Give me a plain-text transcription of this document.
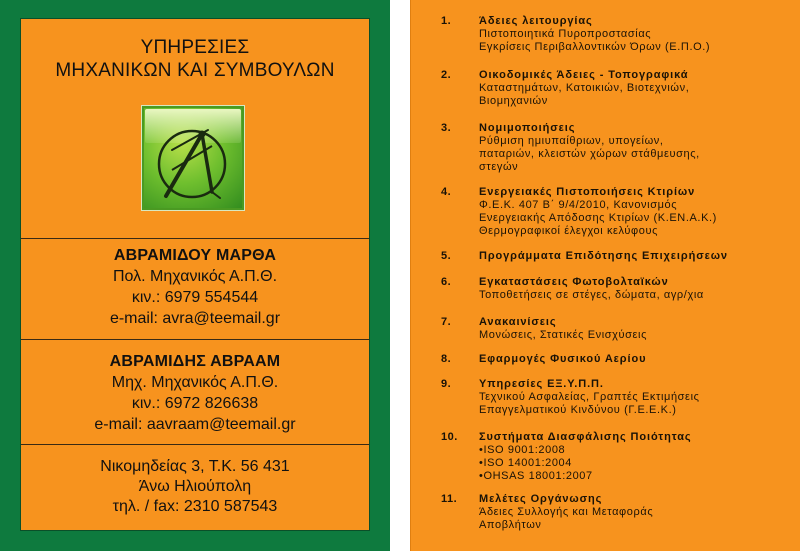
ΥΠΗΡΕΣΙΕΣ
ΜΗΧΑΝΙΚΩΝ ΚΑΙ ΣΥΜΒΟΥΛΩΝ
ΑΒΡΑΜΙΔΟΥ ΜΑΡΘΑ
Πολ. Μηχανικός Α.Π.Θ.
κιν.: 6979 554544
e-mail: avra@teemail.gr
ΑΒΡΑΜΙΔΗΣ ΑΒΡΑΑΜ
Μηχ. Μηχανικός Α.Π.Θ.
κιν.: 6972 826638
e-mail: aavraam@teemail.gr
Νικομηδείας 3, Τ.Κ. 56 431
Άνω Ηλιούπολη
τηλ. / fax: 2310 587543
1.	Άδειες λειτουργίας
Πιστοποιητικά Πυροπροστασίας
Εγκρίσεις Περιβαλλοντικών Όρων (Ε.Π.Ο.)
2.	Οικοδομικές Άδειες - Τοπογραφικά
Καταστημάτων, Κατοικιών, Βιοτεχνιών,
Βιομηχανιών
3.	Νομιμοποιήσεις
Ρύθμιση ημιυπαίθριων, υπογείων,
παταριών, κλειστών χώρων στάθμευσης,
στεγών
4.	Ενεργειακές Πιστοποιήσεις Κτιρίων
Φ.Ε.Κ. 407 Β΄ 9/4/2010, Κανονισμός
Ενεργειακής Απόδοσης Κτιρίων (Κ.ΕΝ.Α.Κ.)
Θερμογραφικοί έλεγχοι κελύφους
5.	Προγράμματα Επιδότησης Επιχειρήσεων
6.	Εγκαταστάσεις Φωτοβολταϊκών
Τοποθετήσεις σε στέγες, δώματα, αγρ/χια
7.	Ανακαινίσεις
Μονώσεις, Στατικές Ενισχύσεις
8.	Εφαρμογές Φυσικού Αερίου
9.	Υπηρεσίες ΕΞ.Υ.Π.Π.
Τεχνικού Ασφαλείας, Γραπτές Εκτιμήσεις
Επαγγελματικού Κινδύνου (Γ.Ε.Ε.Κ.)
10.	Συστήματα Διασφάλισης Ποιότητας
•ISO 9001:2008
•ISO 14001:2004
•OHSAS 18001:2007
11.	Μελέτες Οργάνωσης
Άδειες Συλλογής και Μεταφοράς
Αποβλήτων
